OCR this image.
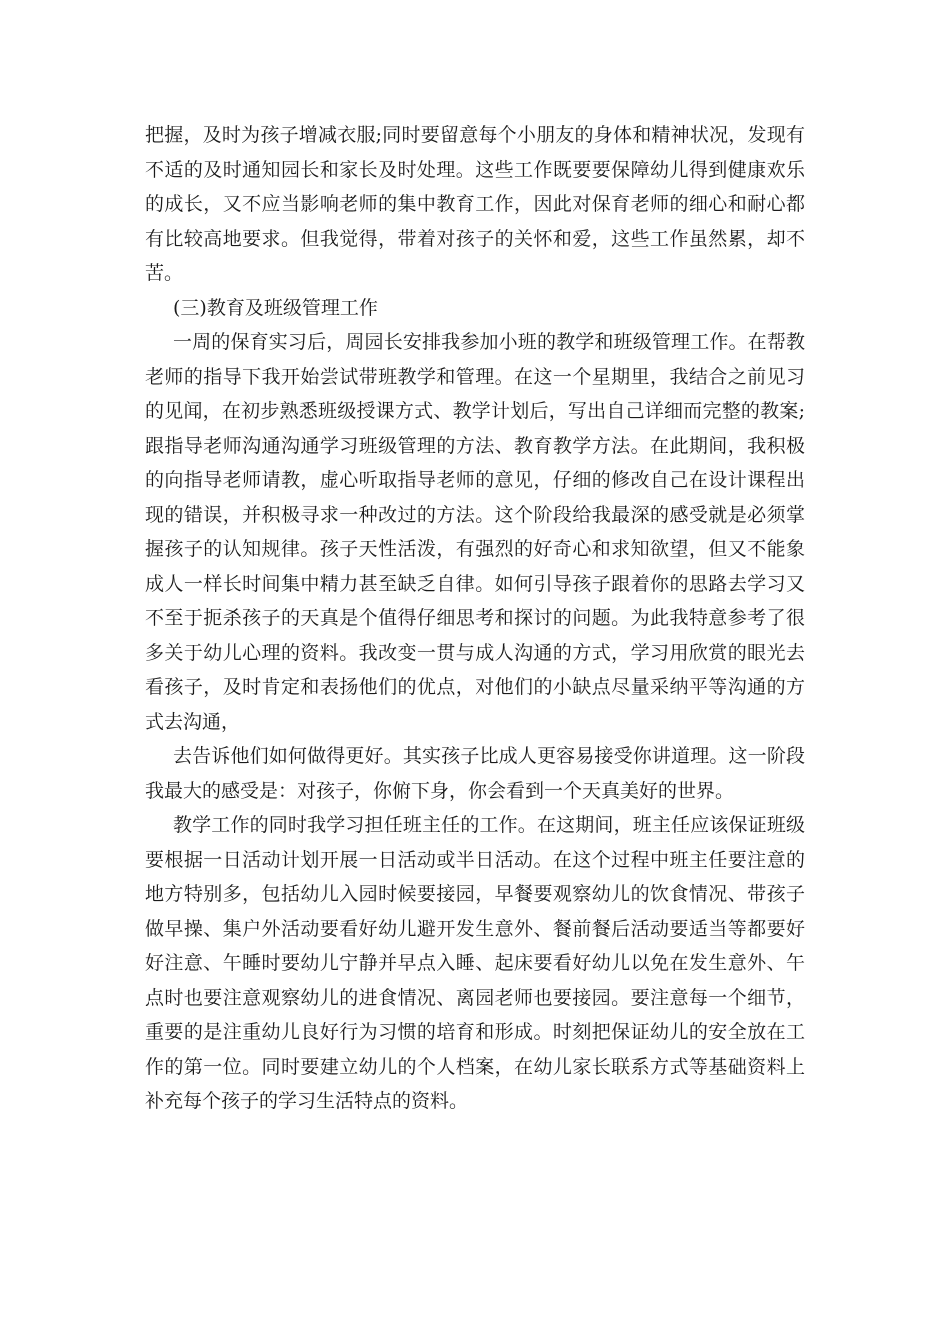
把握，及时为孩子增减衣服;同时要留意每个小朋友的身体和精神状况，发现有
不适的及时通知园长和家长及时处理。这些工作既要要保障幼儿得到健康欢乐
的成长，又不应当影响老师的集中教育工作，因此对保育老师的细心和耐心都
有比较高地要求。但我觉得，带着对孩子的关怀和爱，这些工作虽然累，却不
苦。
(三)教育及班级管理工作
一周的保育实习后，周园长安排我参加小班的教学和班级管理工作。在帮教
老师的指导下我开始尝试带班教学和管理。在这一个星期里，我结合之前见习
的见闻，在初步熟悉班级授课方式、教学计划后，写出自己详细而完整的教案;
跟指导老师沟通沟通学习班级管理的方法、教育教学方法。在此期间，我积极
的向指导老师请教，虚心听取指导老师的意见，仔细的修改自己在设计课程出
现的错误，并积极寻求一种改过的方法。这个阶段给我最深的感受就是必须掌
握孩子的认知规律。孩子天性活泼，有强烈的好奇心和求知欲望，但又不能象
成人一样长时间集中精力甚至缺乏自律。如何引导孩子跟着你的思路去学习又
不至于扼杀孩子的天真是个值得仔细思考和探讨的问题。为此我特意参考了很
多关于幼儿心理的资料。我改变一贯与成人沟通的方式，学习用欣赏的眼光去
看孩子，及时肯定和表扬他们的优点，对他们的小缺点尽量采纳平等沟通的方
式去沟通，
去告诉他们如何做得更好。其实孩子比成人更容易接受你讲道理。这一阶段
我最大的感受是：对孩子，你俯下身，你会看到一个天真美好的世界。
教学工作的同时我学习担任班主任的工作。在这期间，班主任应该保证班级
要根据一日活动计划开展一日活动或半日活动。在这个过程中班主任要注意的
地方特别多，包括幼儿入园时候要接园，早餐要观察幼儿的饮食情况、带孩子
做早操、集户外活动要看好幼儿避开发生意外、餐前餐后活动要适当等都要好
好注意、午睡时要幼儿宁静并早点入睡、起床要看好幼儿以免在发生意外、午
点时也要注意观察幼儿的进食情况、离园老师也要接园。要注意每一个细节，
重要的是注重幼儿良好行为习惯的培育和形成。时刻把保证幼儿的安全放在工
作的第一位。同时要建立幼儿的个人档案，在幼儿家长联系方式等基础资料上
补充每个孩子的学习生活特点的资料。
